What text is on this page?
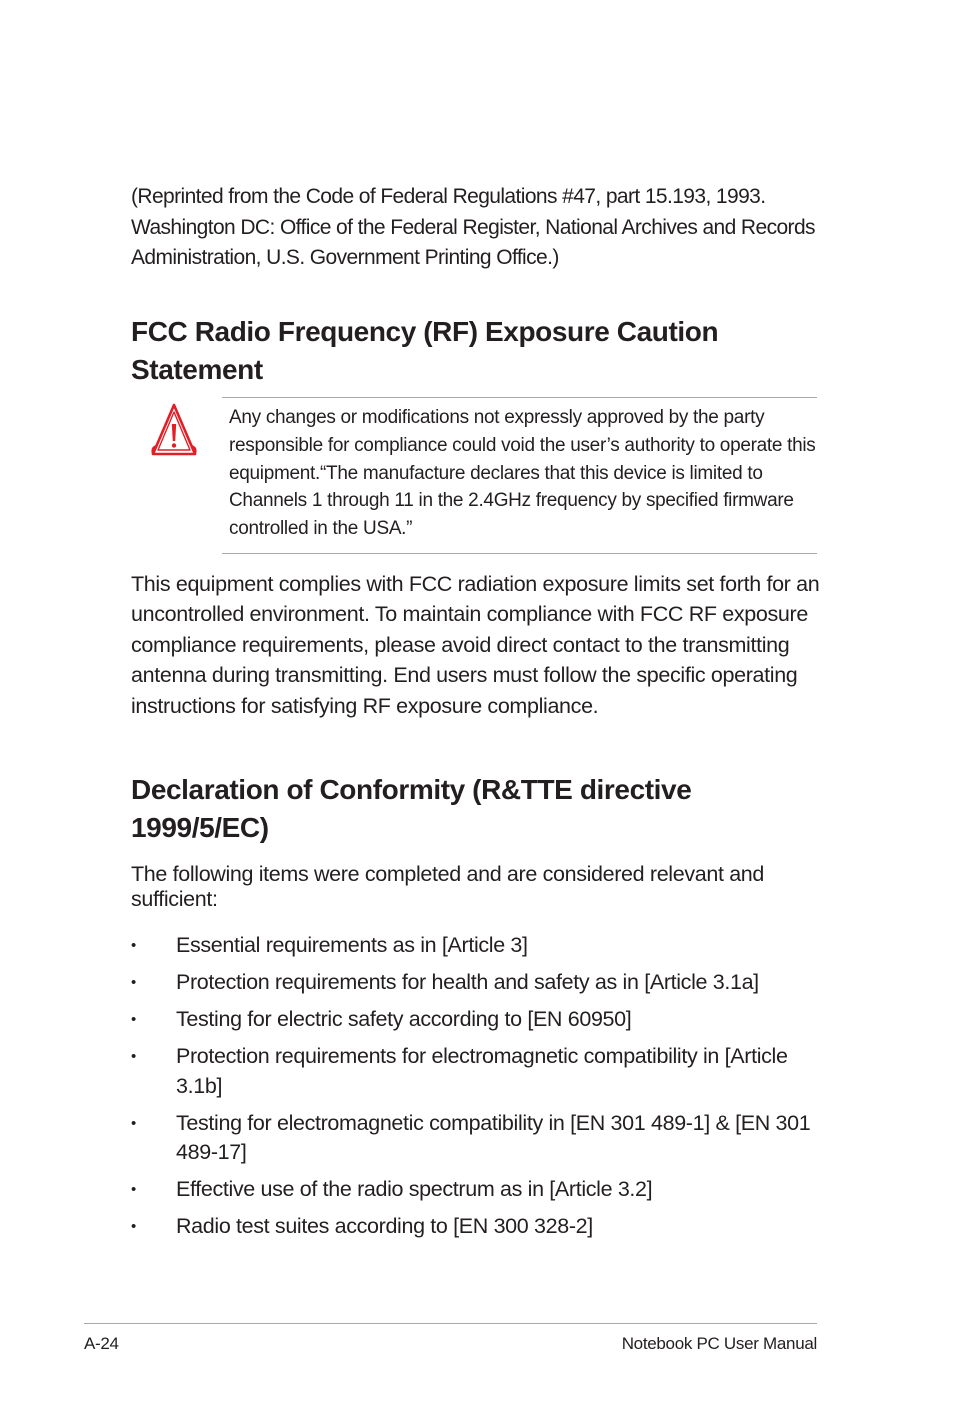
(Reprinted from the Code of Federal Regulations #47, part 15.193, 1993. Washington DC: Office of the Federal Register, National Archives and Records Administration, U.S. Government Printing Office.)
FCC Radio Frequency (RF) Exposure Caution Statement
Any changes or modifications not expressly approved by the party responsible for compliance could void the user’s authority to operate this equipment.“The manufacture declares that this device is limited to Channels 1 through 11 in the 2.4GHz frequency by specified firmware controlled in the USA.”
This equipment complies with FCC radiation exposure limits set forth for an uncontrolled environment. To maintain compliance with FCC RF exposure compliance requirements, please avoid direct contact to the transmitting antenna during transmitting. End users must follow the specific operating instructions for satisfying RF exposure compliance.
Declaration of Conformity (R&TTE directive 1999/5/EC)
The following items were completed and are considered relevant and sufficient:
•	Essential requirements as in [Article 3]
•	Protection requirements for health and safety as in [Article 3.1a]
•	Testing for electric safety according to [EN 60950]
•	Protection requirements for electromagnetic compatibility in [Article 3.1b]
•	Testing for electromagnetic compatibility in [EN 301 489-1] & [EN 301 489-17]
•	Effective use of the radio spectrum as in [Article 3.2]
•	Radio test suites according to [EN 300 328-2]
A-24	Notebook PC User Manual
